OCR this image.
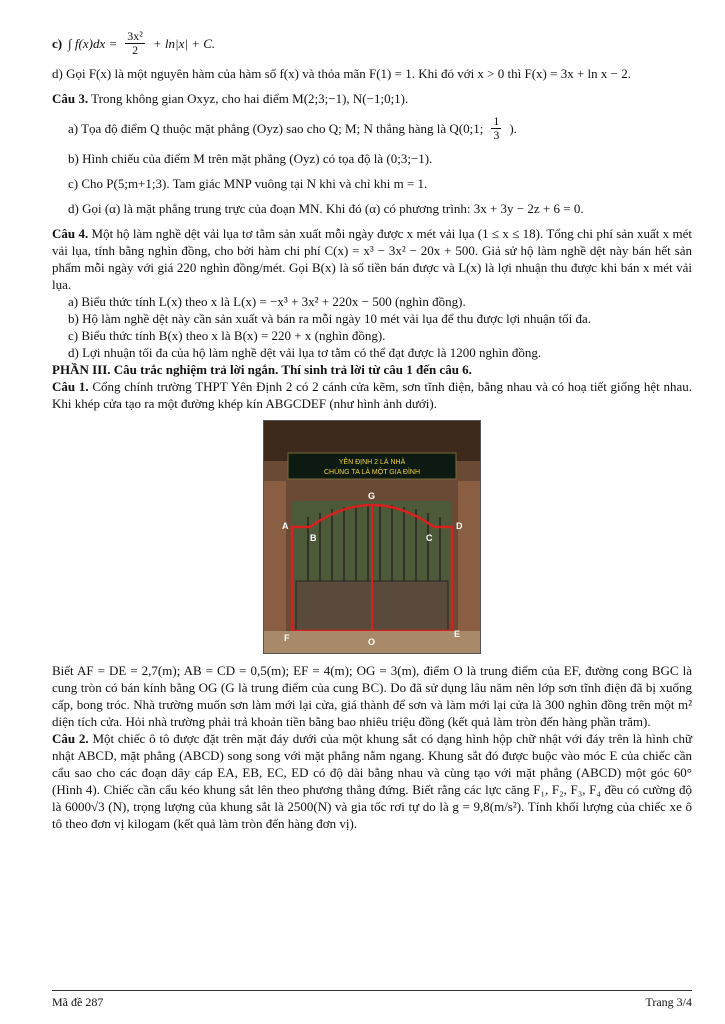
c) ∫ $f(x)dx = \frac{\text{3x²}}{2} + \ln|x| + C$.

d) Gọi F(x) là một nguyên hàm của hàm số f(x) và thỏa mãn F(1) = 1. Khi đó với x > 0 thì F(x) = 3x + ln x − 2.

Câu 3. Trong không gian Oxyz, cho hai điểm M(2;3;−1), N(−1;0;1).

a) Tọa độ điểm Q thuộc mặt phẳng (Oyz) sao cho Q; M; N thẳng hàng là Q(0;1; $\frac{1}{3}$ ).

b) Hình chiếu của điểm M trên mặt phẳng (Oyz) có tọa độ là (0;3;−1).

c) Cho P(5;m+1;3). Tam giác MNP vuông tại N khi và chỉ khi m = 1.

d) Gọi (α) là mặt phẳng trung trực của đoạn MN. Khi đó (α) có phương trình: 3x + 3y − 2z + 6 = 0.

Câu 4. Một hộ làm nghề dệt vải lụa tơ tằm sản xuất mỗi ngày được x mét vải lụa (1 ≤ x ≤ 18). Tổng chi phí sản xuất x mét vải lụa, tính bằng nghìn đồng, cho bởi hàm chi phí C(x) = x³ − 3x² − 20x + 500. Giả sử hộ làm nghề dệt này bán hết sản phẩm mỗi ngày với giá 220 nghìn đồng/mét. Gọi B(x) là số tiền bán được và L(x) là lợi nhuận thu được khi bán x mét vải lụa.

a) Biểu thức tính L(x) theo x là L(x) = −x³ + 3x² + 220x − 500 (nghìn đồng).

b) Hộ làm nghề dệt này cần sản xuất và bán ra mỗi ngày 10 mét vải lụa để thu được lợi nhuận tối đa.

c) Biểu thức tính B(x) theo x là B(x) = 220 + x (nghìn đồng).

d) Lợi nhuận tối đa của hộ làm nghề dệt vải lụa tơ tằm có thể đạt được là 1200 nghìn đồng.

PHẦN III. Câu trắc nghiệm trả lời ngắn. Thí sinh trả lời từ câu 1 đến câu 6.

Câu 1. Cổng chính trường THPT Yên Định 2 có 2 cánh cửa kẽm, sơn tĩnh điện, bằng nhau và có hoạ tiết giống hệt nhau. Khi khép cửa tạo ra một đường khép kín ABGCDEF (như hình ảnh dưới).

YÊN ĐỊNH 2 LÀ NHÀ
CHÚNG TA LÀ MỘT GIA ĐÌNH
A
B
G
C
D
E
F	O

Biết AF = DE = 2,7(m); AB = CD = 0,5(m); EF = 4(m); OG = 3(m), điểm O là trung điểm của EF, đường cong BGC là cung tròn có bán kính bằng OG (G là trung điểm của cung BC). Do đã sử dụng lâu năm nên lớp sơn tĩnh điện đã bị xuống cấp, bong tróc. Nhà trường muốn sơn làm mới lại cửa, giá thành để sơn và làm mới lại cửa là 300 nghìn đồng trên một m² diện tích cửa. Hỏi nhà trường phải trả khoản tiền bằng bao nhiêu triệu đồng (kết quả làm tròn đến hàng phần trăm).

Câu 2. Một chiếc ô tô được đặt trên mặt đáy dưới của một khung sắt có dạng hình hộp chữ nhật với đáy trên là hình chữ nhật ABCD, mặt phẳng (ABCD) song song với mặt phẳng nằm ngang. Khung sắt đó được buộc vào móc E của chiếc cần cẩu sao cho các đoạn dây cáp EA, EB, EC, ED có độ dài bằng nhau và cùng tạo với mặt phẳng (ABCD) một góc 60° (Hình 4). Chiếc cần cẩu kéo khung sắt lên theo phương thẳng đứng. Biết rằng các lực căng F₁, F₂, F₃, F₄ đều có cường độ là 6000√3 (N), trọng lượng của khung sắt là 2500(N) và gia tốc rơi tự do là g = 9,8(m/s²). Tính khối lượng của chiếc xe ô tô theo đơn vị kilogam (kết quả làm tròn đến hàng đơn vị).

Mã đề 287	Trang 3/4
